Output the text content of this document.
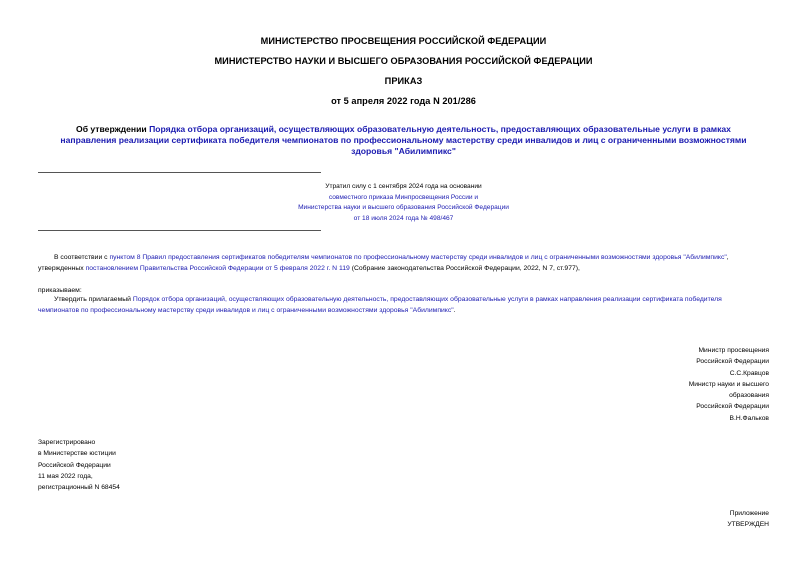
МИНИСТЕРСТВО ПРОСВЕЩЕНИЯ РОССИЙСКОЙ ФЕДЕРАЦИИ
МИНИСТЕРСТВО НАУКИ И ВЫСШЕГО ОБРАЗОВАНИЯ РОССИЙСКОЙ ФЕДЕРАЦИИ
ПРИКАЗ
от 5 апреля 2022 года N 201/286
Об утверждении Порядка отбора организаций, осуществляющих образовательную деятельность, предоставляющих образовательные услуги в рамках
направления реализации сертификата победителя чемпионатов по профессиональному мастерству среди инвалидов и лиц с ограниченными возможностями
здоровья "Абилимпикс"
Утратил силу с 1 сентября 2024 года на основании
совместного приказа Минпросвещения России и
Министерства науки и высшего образования Российской Федерации
от 18 июля 2024 года № 498/467
В соответствии с пунктом 8 Правил предоставления сертификатов победителям чемпионатов по профессиональному мастерству среди инвалидов и лиц с ограниченными возможностями здоровья "Абилимпикс",
утвержденных постановлением Правительства Российской Федерации от 5 февраля 2022 г. N 119 (Собрание законодательства Российской Федерации, 2022, N 7, ст.977),
приказываем:
Утвердить прилагаемый Порядок отбора организаций, осуществляющих образовательную деятельность, предоставляющих образовательные услуги в рамках направления реализации сертификата победителя
чемпионатов по профессиональному мастерству среди инвалидов и лиц с ограниченными возможностями здоровья "Абилимпикс".
Министр просвещения
Российской Федерации
С.С.Кравцов
Министр науки и высшего
образования
Российской Федерации
В.Н.Фальков
Зарегистрировано
в Министерстве юстиции
Российской Федерации
11 мая 2022 года,
регистрационный N 68454
Приложение
УТВЕРЖДЕН
